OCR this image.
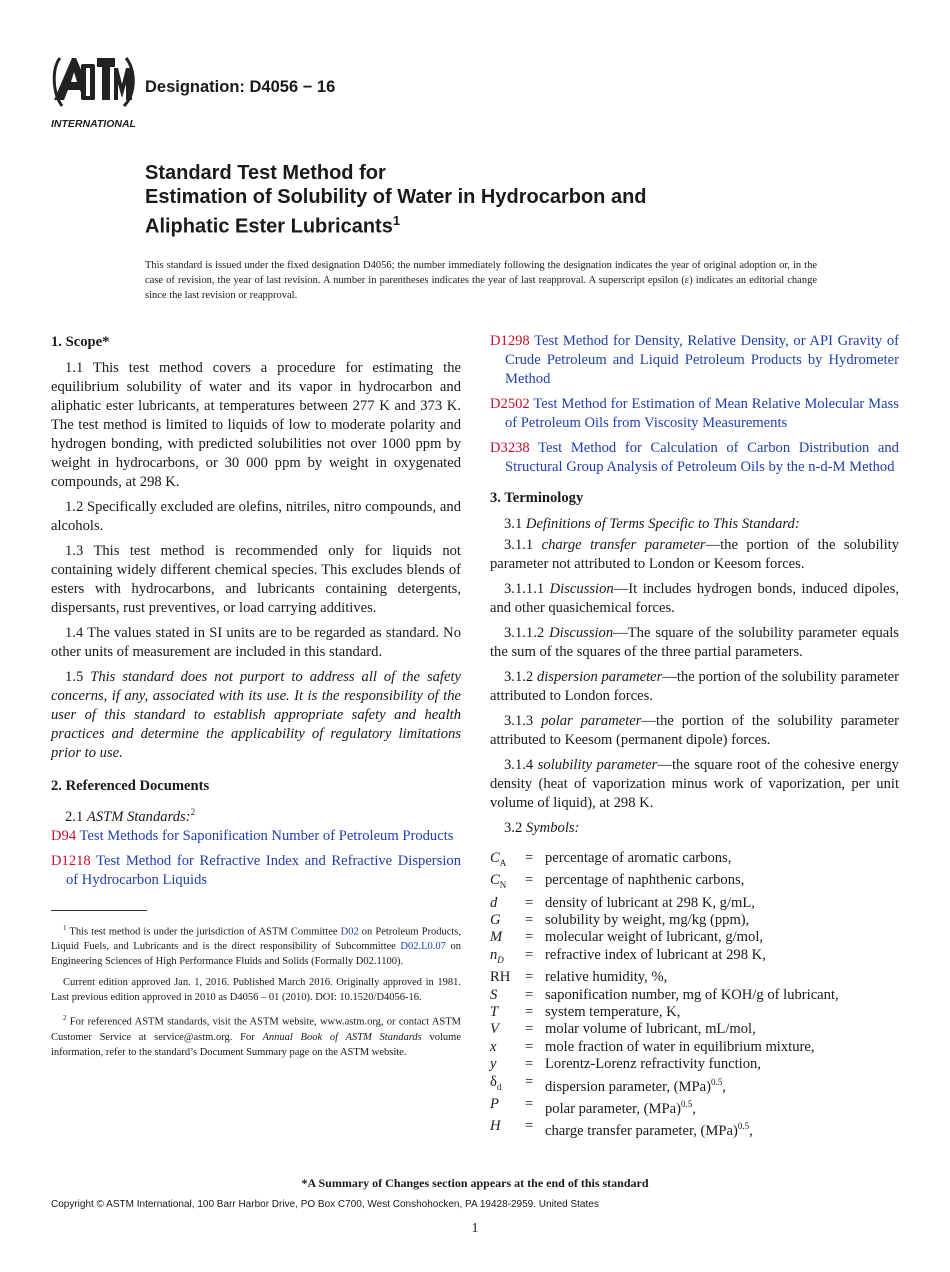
INTERNATIONAL
Designation: D4056 − 16
Standard Test Method for
Estimation of Solubility of Water in Hydrocarbon and
Aliphatic Ester Lubricants$^1$
This standard is issued under the fixed designation D4056; the number immediately following the designation indicates the year of original adoption or, in the case of revision, the year of last revision. A number in parentheses indicates the year of last reapproval. A superscript epsilon (ε) indicates an editorial change since the last revision or reapproval.
1. Scope*

1.1 This test method covers a procedure for estimating the equilibrium solubility of water and its vapor in hydrocarbon and aliphatic ester lubricants, at temperatures between 277 K and 373 K. The test method is limited to liquids of low to moderate polarity and hydrogen bonding, with predicted solubilities not over 1000 ppm by weight in hydrocarbons, or 30 000 ppm by weight in oxygenated compounds, at 298 K.

1.2 Specifically excluded are olefins, nitriles, nitro compounds, and alcohols.

1.3 This test method is recommended only for liquids not containing widely different chemical species. This excludes blends of esters with hydrocarbons, and lubricants containing detergents, dispersants, rust preventives, or load carrying additives.

1.4 The values stated in SI units are to be regarded as standard. No other units of measurement are included in this standard.

1.5 This standard does not purport to address all of the safety concerns, if any, associated with its use. It is the responsibility of the user of this standard to establish appropriate safety and health practices and determine the applicability of regulatory limitations prior to use.

2. Referenced Documents

2.1 ASTM Standards:$^2$

D94 Test Methods for Saponification Number of Petroleum Products

D1218 Test Method for Refractive Index and Refractive Dispersion of Hydrocarbon Liquids

$^1$ This test method is under the jurisdiction of ASTM Committee D02 on Petroleum Products, Liquid Fuels, and Lubricants and is the direct responsibility of Subcommittee D02.L0.07 on Engineering Sciences of High Performance Fluids and Solids (Formally D02.1100).

Current edition approved Jan. 1, 2016. Published March 2016. Originally approved in 1981. Last previous edition approved in 2010 as D4056 – 01 (2010). DOI: 10.1520/D4056-16.

$^2$ For referenced ASTM standards, visit the ASTM website, www.astm.org, or contact ASTM Customer Service at service@astm.org. For Annual Book of ASTM Standards volume information, refer to the standard’s Document Summary page on the ASTM website.

D1298 Test Method for Density, Relative Density, or API Gravity of Crude Petroleum and Liquid Petroleum Products by Hydrometer Method

D2502 Test Method for Estimation of Mean Relative Molecular Mass of Petroleum Oils from Viscosity Measurements

D3238 Test Method for Calculation of Carbon Distribution and Structural Group Analysis of Petroleum Oils by the n-d-M Method

3. Terminology

3.1 Definitions of Terms Specific to This Standard:

3.1.1 charge transfer parameter—the portion of the solubility parameter not attributed to London or Keesom forces.

3.1.1.1 Discussion—It includes hydrogen bonds, induced dipoles, and other quasichemical forces.

3.1.1.2 Discussion—The square of the solubility parameter equals the sum of the squares of the three partial parameters.

3.1.2 dispersion parameter—the portion of the solubility parameter attributed to London forces.

3.1.3 polar parameter—the portion of the solubility parameter attributed to Keesom (permanent dipole) forces.

3.1.4 solubility parameter—the square root of the cohesive energy density (heat of vaporization minus work of vaporization, per unit volume of liquid), at 298 K.

3.2 Symbols:

$C_A$	= percentage of aromatic carbons,
$C_N$	= percentage of naphthenic carbons,
d	= density of lubricant at 298 K, g/mL,
G	= solubility by weight, mg/kg (ppm),
M	= molecular weight of lubricant, g/mol,
$n_D$	= refractive index of lubricant at 298 K,
RH	= relative humidity, %,
S	= saponification number, mg of KOH/g of lubricant,
T	= system temperature, K,
V	= molar volume of lubricant, mL/mol,
x	= mole fraction of water in equilibrium mixture,
y	= Lorentz-Lorenz refractivity function,
$\delta_d$	= dispersion parameter, (MPa)$^{0.5}$,
P	= polar parameter, (MPa)$^{0.5}$,
H	= charge transfer parameter, (MPa)$^{0.5}$,
*A Summary of Changes section appears at the end of this standard
Copyright © ASTM International, 100 Barr Harbor Drive, PO Box C700, West Conshohocken, PA 19428-2959. United States
1
